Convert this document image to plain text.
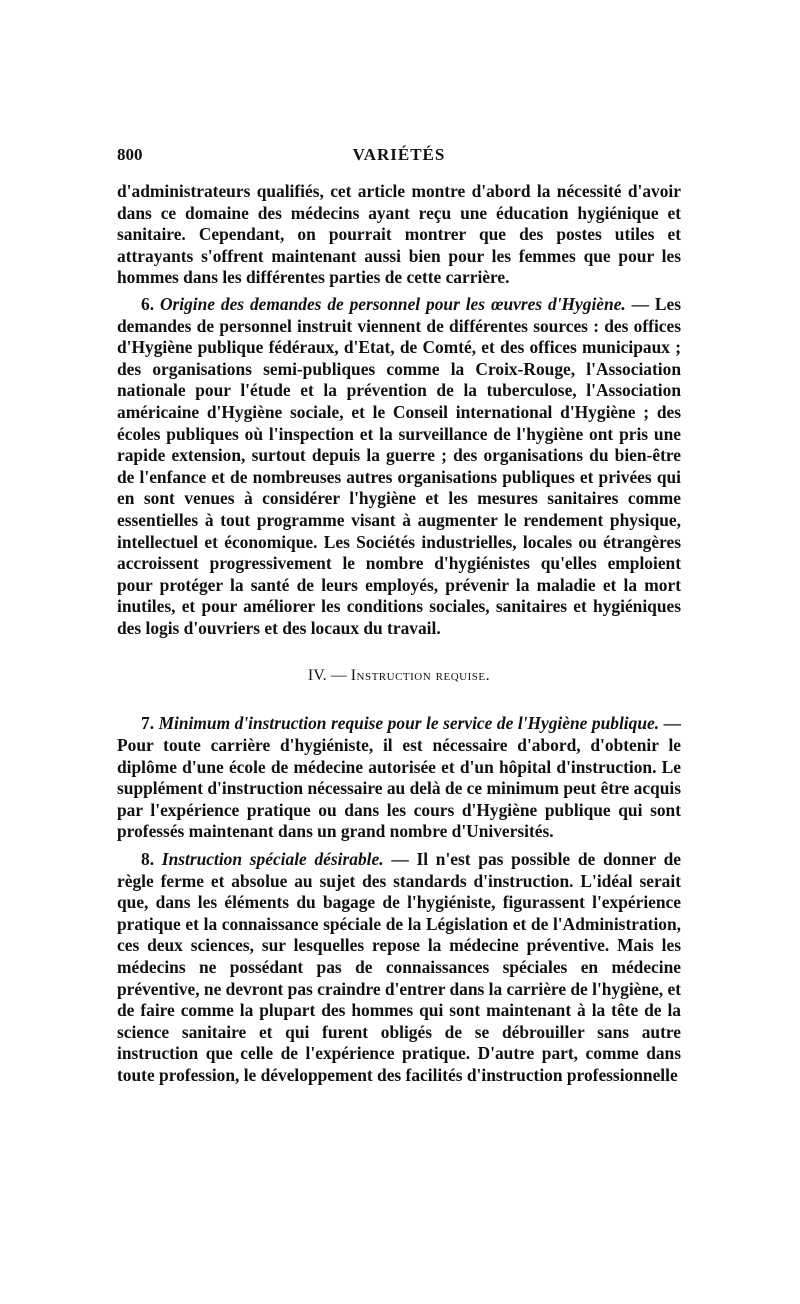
800	VARIÉTÉS

d'administrateurs qualifiés, cet article montre d'abord la nécessité d'avoir dans ce domaine des médecins ayant reçu une éducation hygiénique et sanitaire. Cependant, on pourrait montrer que des postes utiles et attrayants s'offrent maintenant aussi bien pour les femmes que pour les hommes dans les différentes parties de cette carrière.

6. Origine des demandes de personnel pour les œuvres d'Hygiène. — Les demandes de personnel instruit viennent de différentes sources : des offices d'Hygiène publique fédéraux, d'Etat, de Comté, et des offices municipaux ; des organisations semi-publiques comme la Croix-Rouge, l'Association nationale pour l'étude et la prévention de la tuberculose, l'Association américaine d'Hygiène sociale, et le Conseil international d'Hygiène ; des écoles publiques où l'inspection et la surveillance de l'hygiène ont pris une rapide extension, surtout depuis la guerre ; des organisations du bien-être de l'enfance et de nombreuses autres organisations publiques et privées qui en sont venues à considérer l'hygiène et les mesures sanitaires comme essentielles à tout programme visant à augmenter le rendement physique, intellectuel et économique. Les Sociétés industrielles, locales ou étrangères accroissent progressivement le nombre d'hygiénistes qu'elles emploient pour protéger la santé de leurs employés, prévenir la maladie et la mort inutiles, et pour améliorer les conditions sociales, sanitaires et hygiéniques des logis d'ouvriers et des locaux du travail.

IV. — Instruction requise.

7. Minimum d'instruction requise pour le service de l'Hygiène publique. — Pour toute carrière d'hygiéniste, il est nécessaire d'abord, d'obtenir le diplôme d'une école de médecine autorisée et d'un hôpital d'instruction. Le supplément d'instruction nécessaire au delà de ce minimum peut être acquis par l'expérience pratique ou dans les cours d'Hygiène publique qui sont professés maintenant dans un grand nombre d'Universités.

8. Instruction spéciale désirable. — Il n'est pas possible de donner de règle ferme et absolue au sujet des standards d'instruction. L'idéal serait que, dans les éléments du bagage de l'hygiéniste, figurassent l'expérience pratique et la connaissance spéciale de la Législation et de l'Administration, ces deux sciences, sur lesquelles repose la médecine préventive. Mais les médecins ne possédant pas de connaissances spéciales en médecine préventive, ne devront pas craindre d'entrer dans la carrière de l'hygiène, et de faire comme la plupart des hommes qui sont maintenant à la tête de la science sanitaire et qui furent obligés de se débrouiller sans autre instruction que celle de l'expérience pratique. D'autre part, comme dans toute profession, le développement des facilités d'instruction professionnelle
